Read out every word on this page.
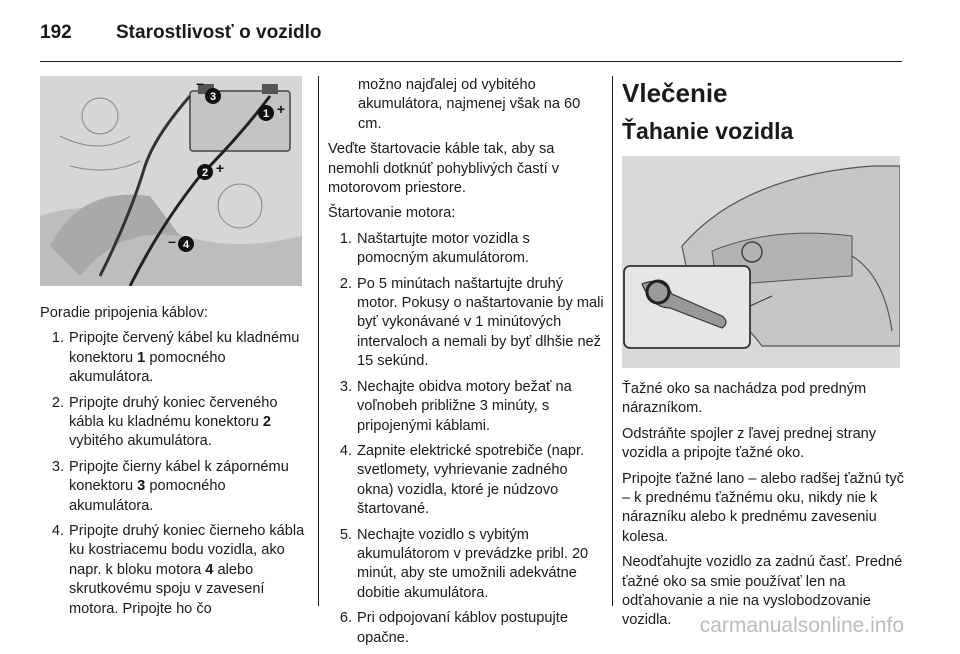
192	Starostlivosť o vozidlo
1 +
2 +
3
–
4
–

Poradie pripojenia káblov:

1. Pripojte červený kábel ku kladnému konektoru 1 pomocného akumulátora.
2. Pripojte druhý koniec červeného kábla ku kladnému konektoru 2 vybitého akumulátora.
3. Pripojte čierny kábel k zápornému konektoru 3 pomocného akumulátora.
4. Pripojte druhý koniec čierneho kábla ku kostriacemu bodu vozidla, ako napr. k bloku motora 4 alebo skrutkovému spoju v zavesení motora. Pripojte ho čo
možno najďalej od vybitého akumulátora, najmenej však na 60 cm.

Veďte štartovacie káble tak, aby sa nemohli dotknúť pohyblivých častí v motorovom priestore.

Štartovanie motora:

1. Naštartujte motor vozidla s pomocným akumulátorom.
2. Po 5 minútach naštartujte druhý motor. Pokusy o naštartovanie by mali byť vykonávané v 1 minútových intervaloch a nemali by byť dlhšie než 15 sekúnd.
3. Nechajte obidva motory bežať na voľnobeh približne 3 minúty, s pripojenými káblami.
4. Zapnite elektrické spotrebiče (napr. svetlomety, vyhrievanie zadného okna) vozidla, ktoré je núdzovo štartované.
5. Nechajte vozidlo s vybitým akumulátorom v prevádzke pribl. 20 minút, aby ste umožnili adekvátne dobitie akumulátora.
6. Pri odpojovaní káblov postupujte opačne.
Vlečenie
Ťahanie vozidla

Ťažné oko sa nachádza pod predným nárazníkom.

Odstráňte spojler z ľavej prednej strany vozidla a pripojte ťažné oko.

Pripojte ťažné lano – alebo radšej ťažnú tyč – k prednému ťažnému oku, nikdy nie k nárazníku alebo k prednému zaveseniu kolesa.

Neodťahujte vozidlo za zadnú časť. Predné ťažné oko sa smie používať len na odťahovanie a nie na vyslobodzovanie vozidla.	carmanualsonline.info
